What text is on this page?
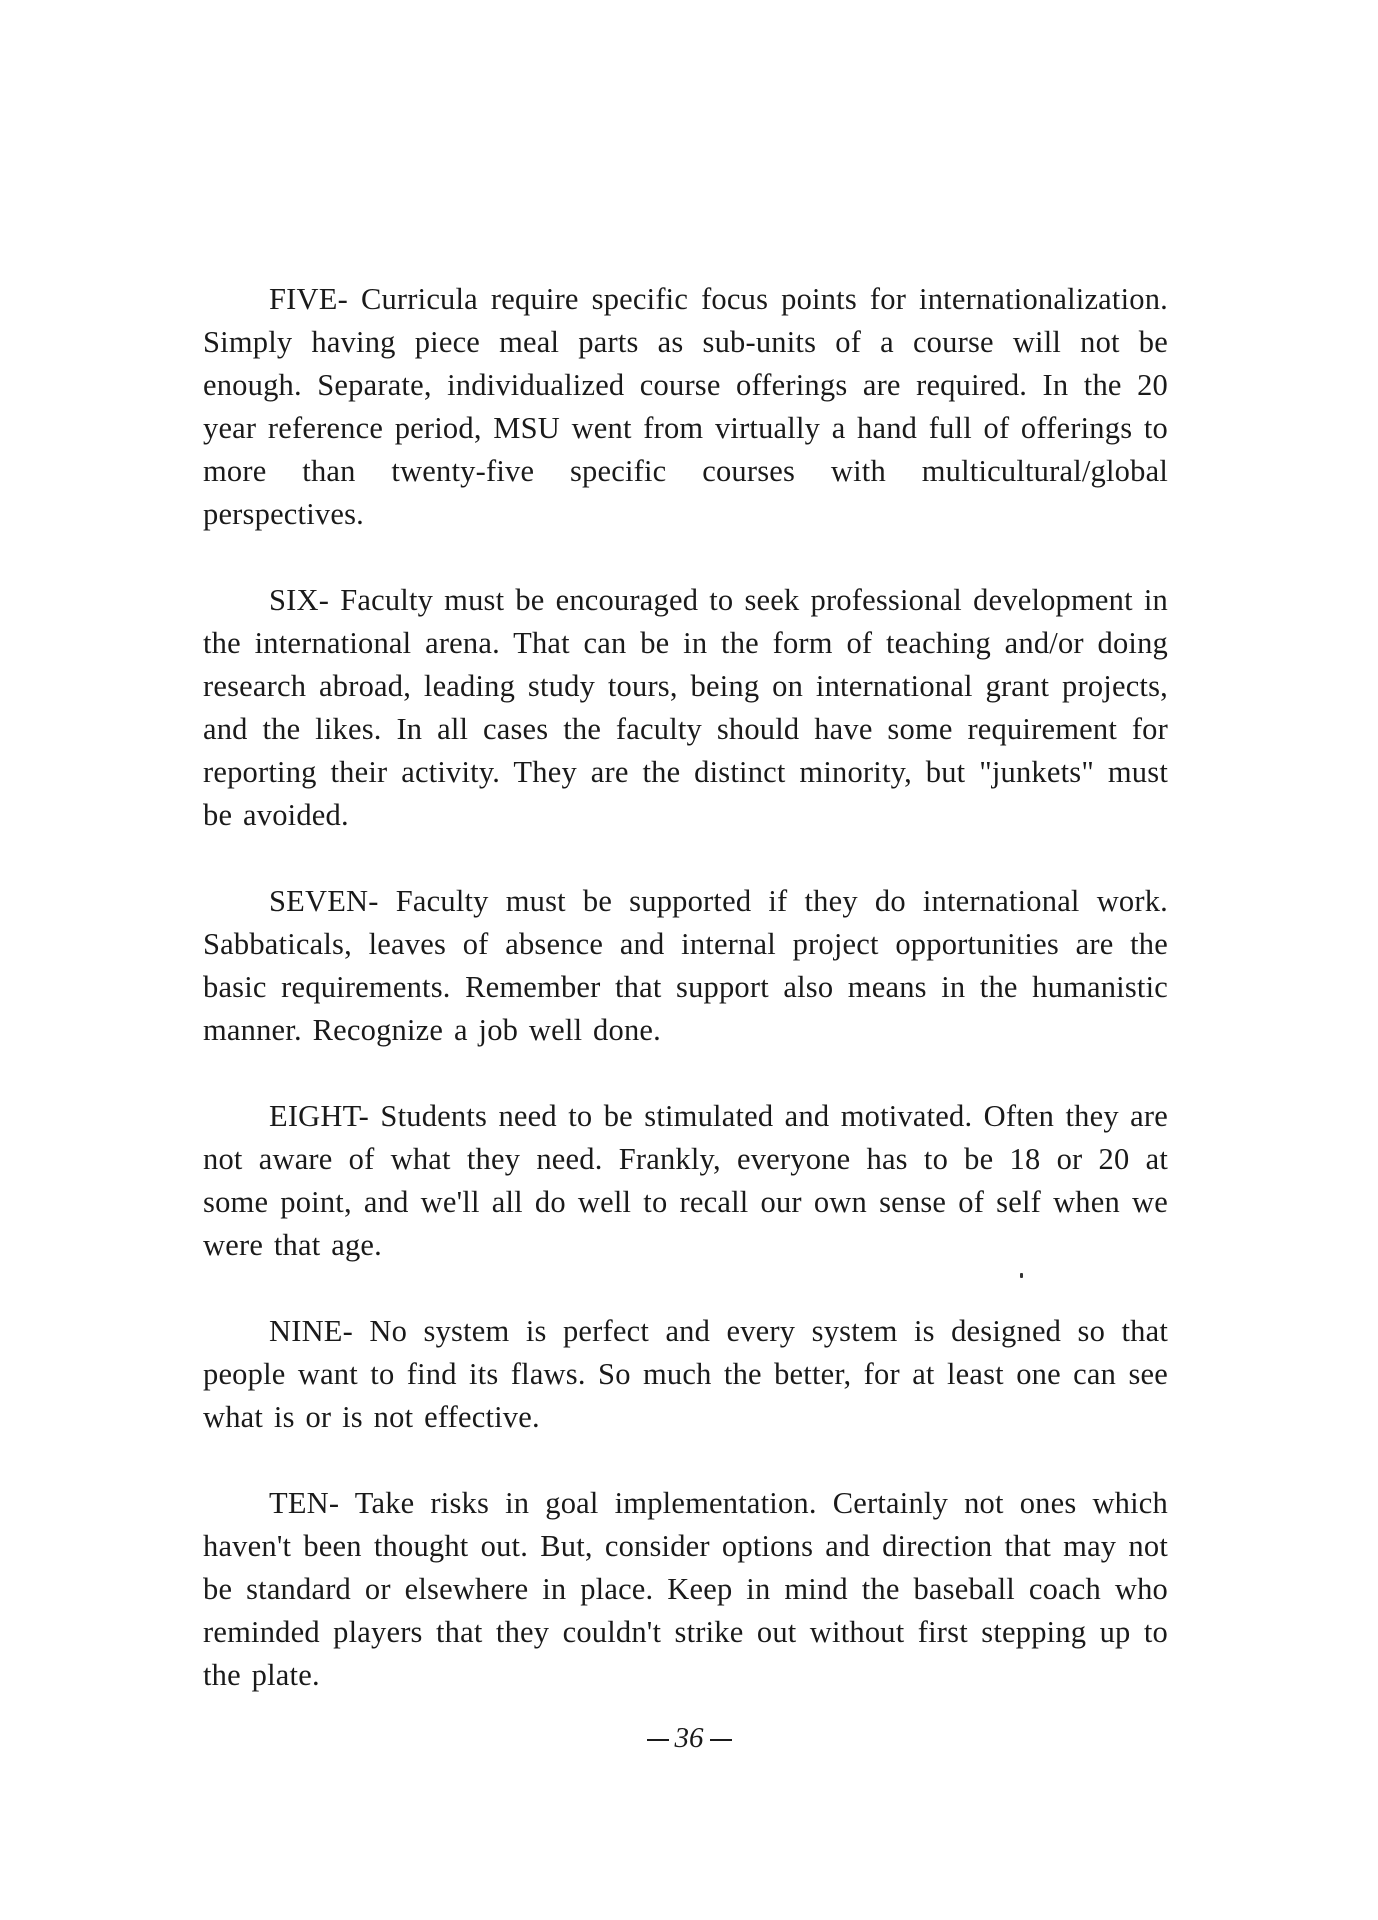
FIVE- Curricula require specific focus points for internationalization. Simply having piece meal parts as sub-units of a course will not be enough. Separate, individualized course offerings are required. In the 20 year reference period, MSU went from virtually a hand full of offerings to more than twenty-five specific courses with multicultural/global perspectives.

SIX- Faculty must be encouraged to seek professional development in the international arena. That can be in the form of teaching and/or doing research abroad, leading study tours, being on international grant projects, and the likes. In all cases the faculty should have some requirement for reporting their activity. They are the distinct minority, but "junkets" must be avoided.

SEVEN- Faculty must be supported if they do international work. Sabbaticals, leaves of absence and internal project opportunities are the basic requirements. Remember that support also means in the humanistic manner. Recognize a job well done.

EIGHT- Students need to be stimulated and motivated. Often they are not aware of what they need. Frankly, everyone has to be 18 or 20 at some point, and we'll all do well to recall our own sense of self when we were that age.

NINE- No system is perfect and every system is designed so that people want to find its flaws. So much the better, for at least one can see what is or is not effective.

TEN- Take risks in goal implementation. Certainly not ones which haven't been thought out. But, consider options and direction that may not be standard or elsewhere in place. Keep in mind the baseball coach who reminded players that they couldn't strike out without first stepping up to the plate.

36
